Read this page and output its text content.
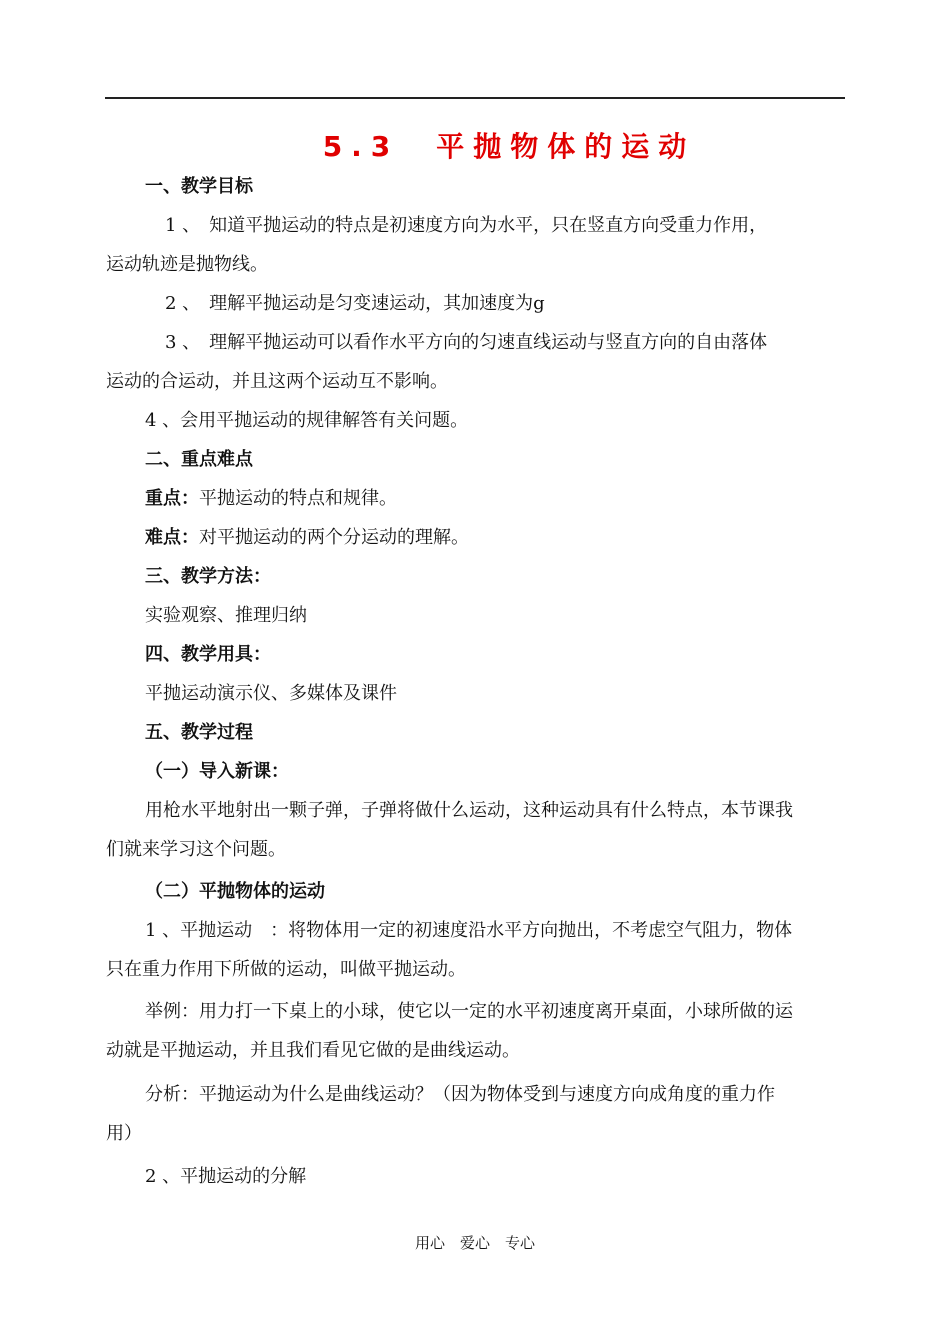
5.3　平抛物体的运动
一、教学目标
1 、　知道平抛运动的特点是初速度方向为水平，只在竖直方向受重力作用，
运动轨迹是抛物线。
2 、　理解平抛运动是匀变速运动，其加速度为g
3 、　理解平抛运动可以看作水平方向的匀速直线运动与竖直方向的自由落体
运动的合运动，并且这两个运动互不影响。
4 、会用平抛运动的规律解答有关问题。
二、重点难点
重点：平抛运动的特点和规律。
难点：对平抛运动的两个分运动的理解。
三、教学方法：
实验观察、推理归纳
四、教学用具：
平抛运动演示仪、多媒体及课件
五、教学过程
（一）导入新课：
用枪水平地射出一颗子弹，子弹将做什么运动，这种运动具有什么特点，本节课我
们就来学习这个问题。
（二）平抛物体的运动
1 、平抛运动　：将物体用一定的初速度沿水平方向抛出，不考虑空气阻力，物体
只在重力作用下所做的运动，叫做平抛运动。
举例：用力打一下桌上的小球，使它以一定的水平初速度离开桌面，小球所做的运
动就是平抛运动，并且我们看见它做的是曲线运动。
分析：平抛运动为什么是曲线运动？（因为物体受到与速度方向成角度的重力作
用）
2 、平抛运动的分解
用心　爱心　专心
